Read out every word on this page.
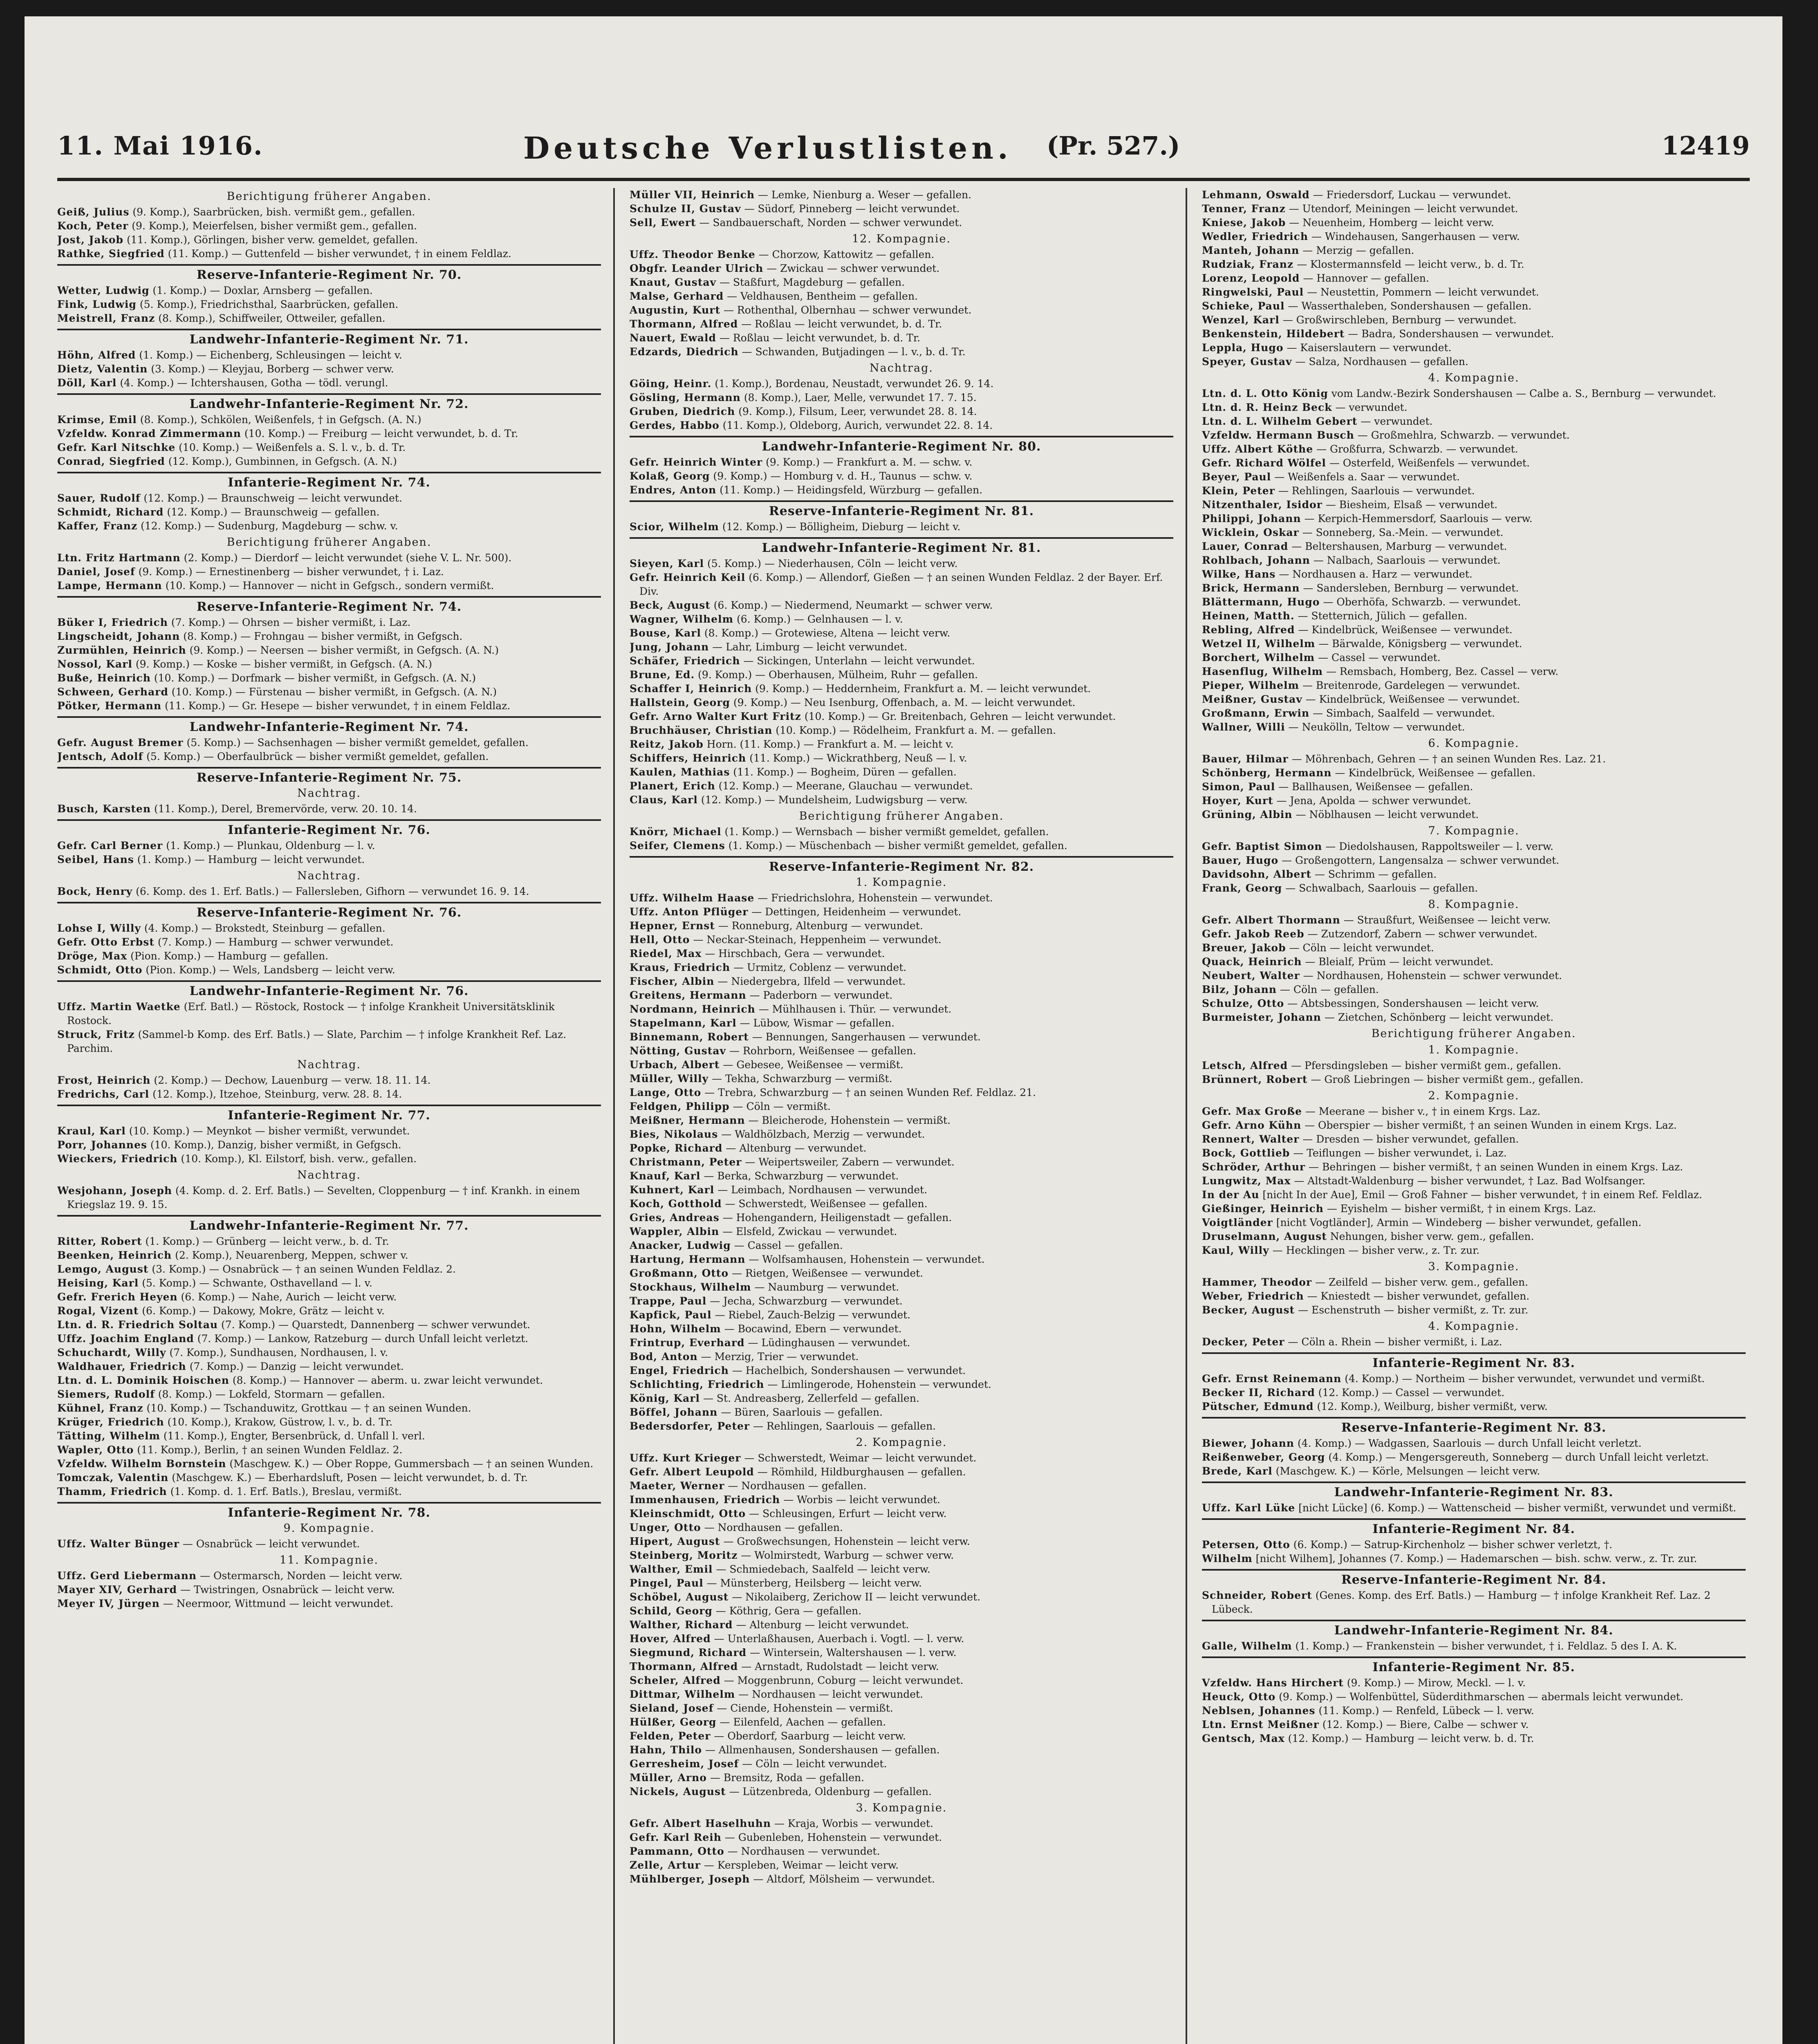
11. Mai 1916.	Deutsche Verlustlisten. (Pr. 527.)	12419
Berichtigung früherer Angaben.

Geiß, Julius (9. Komp.), Saarbrücken, bish. vermißt gem., gefallen.

Koch, Peter (9. Komp.), Meierfelsen, bisher vermißt gem., gefallen.

Jost, Jakob (11. Komp.), Görlingen, bisher verw. gemeldet, gefallen.

Rathke, Siegfried (11. Komp.) — Guttenfeld — bisher verwundet, † in einem Feldlaz.

Reserve-Infanterie-Regiment Nr. 70.

Wetter, Ludwig (1. Komp.) — Doxlar, Arnsberg — gefallen.

Fink, Ludwig (5. Komp.), Friedrichsthal, Saarbrücken, gefallen.

Meistrell, Franz (8. Komp.), Schiffweiler, Ottweiler, gefallen.

Landwehr-Infanterie-Regiment Nr. 71.

Höhn, Alfred (1. Komp.) — Eichenberg, Schleusingen — leicht v.

Dietz, Valentin (3. Komp.) — Kleyjau, Borberg — schwer verw.

Döll, Karl (4. Komp.) — Ichtershausen, Gotha — tödl. verungl.

Landwehr-Infanterie-Regiment Nr. 72.

Krimse, Emil (8. Komp.), Schkölen, Weißenfels, † in Gefgsch. (A. N.)

Vzfeldw. Konrad Zimmermann (10. Komp.) — Freiburg — leicht verwundet, b. d. Tr.

Gefr. Karl Nitschke (10. Komp.) — Weißenfels a. S. l. v., b. d. Tr.

Conrad, Siegfried (12. Komp.), Gumbinnen, in Gefgsch. (A. N.)

Infanterie-Regiment Nr. 74.

Sauer, Rudolf (12. Komp.) — Braunschweig — leicht verwundet.

Schmidt, Richard (12. Komp.) — Braunschweig — gefallen.

Kaffer, Franz (12. Komp.) — Sudenburg, Magdeburg — schw. v.

Berichtigung früherer Angaben.

Ltn. Fritz Hartmann (2. Komp.) — Dierdorf — leicht verwundet (siehe V. L. Nr. 500).

Daniel, Josef (9. Komp.) — Ernestinenberg — bisher verwundet, † i. Laz.

Lampe, Hermann (10. Komp.) — Hannover — nicht in Gefgsch., sondern vermißt.

Reserve-Infanterie-Regiment Nr. 74.

Büker I, Friedrich (7. Komp.) — Ohrsen — bisher vermißt, i. Laz.

Lingscheidt, Johann (8. Komp.) — Frohngau — bisher vermißt, in Gefgsch.

Zurmühlen, Heinrich (9. Komp.) — Neersen — bisher vermißt, in Gefgsch. (A. N.)

Nossol, Karl (9. Komp.) — Koske — bisher vermißt, in Gefgsch. (A. N.)

Buße, Heinrich (10. Komp.) — Dorfmark — bisher vermißt, in Gefgsch. (A. N.)

Schween, Gerhard (10. Komp.) — Fürstenau — bisher vermißt, in Gefgsch. (A. N.)

Pötker, Hermann (11. Komp.) — Gr. Hesepe — bisher verwundet, † in einem Feldlaz.

Landwehr-Infanterie-Regiment Nr. 74.

Gefr. August Bremer (5. Komp.) — Sachsenhagen — bisher vermißt gemeldet, gefallen.

Jentsch, Adolf (5. Komp.) — Oberfaulbrück — bisher vermißt gemeldet, gefallen.

Reserve-Infanterie-Regiment Nr. 75.
Nachtrag.

Busch, Karsten (11. Komp.), Derel, Bremervörde, verw. 20. 10. 14.

Infanterie-Regiment Nr. 76.

Gefr. Carl Berner (1. Komp.) — Plunkau, Oldenburg — l. v.

Seibel, Hans (1. Komp.) — Hamburg — leicht verwundet.

Nachtrag.

Bock, Henry (6. Komp. des 1. Erf. Batls.) — Fallersleben, Gifhorn — verwundet 16. 9. 14.

Reserve-Infanterie-Regiment Nr. 76.

Lohse I, Willy (4. Komp.) — Brokstedt, Steinburg — gefallen.

Gefr. Otto Erbst (7. Komp.) — Hamburg — schwer verwundet.

Dröge, Max (Pion. Komp.) — Hamburg — gefallen.

Schmidt, Otto (Pion. Komp.) — Wels, Landsberg — leicht verw.

Landwehr-Infanterie-Regiment Nr. 76.

Uffz. Martin Waetke (Erf. Batl.) — Röstock, Rostock — † infolge Krankheit Universitätsklinik Rostock.

Struck, Fritz (Sammel-b Komp. des Erf. Batls.) — Slate, Parchim — † infolge Krankheit Ref. Laz. Parchim.

Nachtrag.

Frost, Heinrich (2. Komp.) — Dechow, Lauenburg — verw. 18. 11. 14.

Fredrichs, Carl (12. Komp.), Itzehoe, Steinburg, verw. 28. 8. 14.

Infanterie-Regiment Nr. 77.

Kraul, Karl (10. Komp.) — Meynkot — bisher vermißt, verwundet.

Porr, Johannes (10. Komp.), Danzig, bisher vermißt, in Gefgsch.

Wieckers, Friedrich (10. Komp.), Kl. Eilstorf, bish. verw., gefallen.

Nachtrag.

Wesjohann, Joseph (4. Komp. d. 2. Erf. Batls.) — Sevelten, Cloppenburg — † inf. Krankh. in einem Kriegslaz 19. 9. 15.

Landwehr-Infanterie-Regiment Nr. 77.

Ritter, Robert (1. Komp.) — Grünberg — leicht verw., b. d. Tr.

Beenken, Heinrich (2. Komp.), Neuarenberg, Meppen, schwer v.

Lemgo, August (3. Komp.) — Osnabrück — † an seinen Wunden Feldlaz. 2.

Heising, Karl (5. Komp.) — Schwante, Osthavelland — l. v.

Gefr. Frerich Heyen (6. Komp.) — Nahe, Aurich — leicht verw.

Rogal, Vizent (6. Komp.) — Dakowy, Mokre, Grätz — leicht v.

Ltn. d. R. Friedrich Soltau (7. Komp.) — Quarstedt, Dannenberg — schwer verwundet.

Uffz. Joachim England (7. Komp.) — Lankow, Ratzeburg — durch Unfall leicht verletzt.

Schuchardt, Willy (7. Komp.), Sundhausen, Nordhausen, l. v.

Waldhauer, Friedrich (7. Komp.) — Danzig — leicht verwundet.

Ltn. d. L. Dominik Hoischen (8. Komp.) — Hannover — aberm. u. zwar leicht verwundet.

Siemers, Rudolf (8. Komp.) — Lokfeld, Stormarn — gefallen.

Kühnel, Franz (10. Komp.) — Tschanduwitz, Grottkau — † an seinen Wunden.

Krüger, Friedrich (10. Komp.), Krakow, Güstrow, l. v., b. d. Tr.

Tätting, Wilhelm (11. Komp.), Engter, Bersenbrück, d. Unfall l. verl.

Wapler, Otto (11. Komp.), Berlin, † an seinen Wunden Feldlaz. 2.

Vzfeldw. Wilhelm Bornstein (Maschgew. K.) — Ober Roppe, Gummersbach — † an seinen Wunden.

Tomczak, Valentin (Maschgew. K.) — Eberhardsluft, Posen — leicht verwundet, b. d. Tr.

Thamm, Friedrich (1. Komp. d. 1. Erf. Batls.), Breslau, vermißt.

Infanterie-Regiment Nr. 78.
9. Kompagnie.

Uffz. Walter Bünger — Osnabrück — leicht verwundet.

11. Kompagnie.

Uffz. Gerd Liebermann — Ostermarsch, Norden — leicht verw.

Mayer XIV, Gerhard — Twistringen, Osnabrück — leicht verw.

Meyer IV, Jürgen — Neermoor, Wittmund — leicht verwundet.

Müller VII, Heinrich — Lemke, Nienburg a. Weser — gefallen.

Schulze II, Gustav — Südorf, Pinneberg — leicht verwundet.

Sell, Ewert — Sandbauerschaft, Norden — schwer verwundet.

12. Kompagnie.

Uffz. Theodor Benke — Chorzow, Kattowitz — gefallen.

Obgfr. Leander Ulrich — Zwickau — schwer verwundet.

Knaut, Gustav — Staßfurt, Magdeburg — gefallen.

Malse, Gerhard — Veldhausen, Bentheim — gefallen.

Augustin, Kurt — Rothenthal, Olbernhau — schwer verwundet.

Thormann, Alfred — Roßlau — leicht verwundet, b. d. Tr.

Nauert, Ewald — Roßlau — leicht verwundet, b. d. Tr.

Edzards, Diedrich — Schwanden, Butjadingen — l. v., b. d. Tr.

Nachtrag.

Göing, Heinr. (1. Komp.), Bordenau, Neustadt, verwundet 26. 9. 14.

Gösling, Hermann (8. Komp.), Laer, Melle, verwundet 17. 7. 15.

Gruben, Diedrich (9. Komp.), Filsum, Leer, verwundet 28. 8. 14.

Gerdes, Habbo (11. Komp.), Oldeborg, Aurich, verwundet 22. 8. 14.

Landwehr-Infanterie-Regiment Nr. 80.

Gefr. Heinrich Winter (9. Komp.) — Frankfurt a. M. — schw. v.

Kolaß, Georg (9. Komp.) — Homburg v. d. H., Taunus — schw. v.

Endres, Anton (11. Komp.) — Heidingsfeld, Würzburg — gefallen.

Reserve-Infanterie-Regiment Nr. 81.

Scior, Wilhelm (12. Komp.) — Bölligheim, Dieburg — leicht v.

Landwehr-Infanterie-Regiment Nr. 81.

Sieyen, Karl (5. Komp.) — Niederhausen, Cöln — leicht verw.

Gefr. Heinrich Keil (6. Komp.) — Allendorf, Gießen — † an seinen Wunden Feldlaz. 2 der Bayer. Erf. Div.

Beck, August (6. Komp.) — Niedermend, Neumarkt — schwer verw.

Wagner, Wilhelm (6. Komp.) — Gelnhausen — l. v.

Bouse, Karl (8. Komp.) — Grotewiese, Altena — leicht verw.

Jung, Johann — Lahr, Limburg — leicht verwundet.

Schäfer, Friedrich — Sickingen, Unterlahn — leicht verwundet.

Brune, Ed. (9. Komp.) — Oberhausen, Mülheim, Ruhr — gefallen.

Schaffer I, Heinrich (9. Komp.) — Heddernheim, Frankfurt a. M. — leicht verwundet.

Hallstein, Georg (9. Komp.) — Neu Isenburg, Offenbach, a. M. — leicht verwundet.

Gefr. Arno Walter Kurt Fritz (10. Komp.) — Gr. Breitenbach, Gehren — leicht verwundet.

Bruchhäuser, Christian (10. Komp.) — Rödelheim, Frankfurt a. M. — gefallen.

Reitz, Jakob Horn. (11. Komp.) — Frankfurt a. M. — leicht v.

Schiffers, Heinrich (11. Komp.) — Wickrathberg, Neuß — l. v.

Kaulen, Mathias (11. Komp.) — Bogheim, Düren — gefallen.

Planert, Erich (12. Komp.) — Meerane, Glauchau — verwundet.

Claus, Karl (12. Komp.) — Mundelsheim, Ludwigsburg — verw.

Berichtigung früherer Angaben.

Knörr, Michael (1. Komp.) — Wernsbach — bisher vermißt gemeldet, gefallen.

Seifer, Clemens (1. Komp.) — Müschenbach — bisher vermißt gemeldet, gefallen.

Reserve-Infanterie-Regiment Nr. 82.
1. Kompagnie.

Uffz. Wilhelm Haase — Friedrichslohra, Hohenstein — verwundet.

Uffz. Anton Pflüger — Dettingen, Heidenheim — verwundet.

Hepner, Ernst — Ronneburg, Altenburg — verwundet.

Hell, Otto — Neckar-Steinach, Heppenheim — verwundet.

Riedel, Max — Hirschbach, Gera — verwundet.

Kraus, Friedrich — Urmitz, Coblenz — verwundet.

Fischer, Albin — Niedergebra, Ilfeld — verwundet.

Greitens, Hermann — Paderborn — verwundet.

Nordmann, Heinrich — Mühlhausen i. Thür. — verwundet.

Stapelmann, Karl — Lübow, Wismar — gefallen.

Binnemann, Robert — Bennungen, Sangerhausen — verwundet.

Nötting, Gustav — Rohrborn, Weißensee — gefallen.

Urbach, Albert — Gebesee, Weißensee — vermißt.

Müller, Willy — Tekha, Schwarzburg — vermißt.

Lange, Otto — Trebra, Schwarzburg — † an seinen Wunden Ref. Feldlaz. 21.

Feldgen, Philipp — Cöln — vermißt.

Meißner, Hermann — Bleicherode, Hohenstein — vermißt.

Bies, Nikolaus — Waldhölzbach, Merzig — verwundet.

Popke, Richard — Altenburg — verwundet.

Christmann, Peter — Weipertsweiler, Zabern — verwundet.

Knauf, Karl — Berka, Schwarzburg — verwundet.

Kuhnert, Karl — Leimbach, Nordhausen — verwundet.

Koch, Gotthold — Schwerstedt, Weißensee — gefallen.

Gries, Andreas — Hohengandern, Heiligenstadt — gefallen.

Wappler, Albin — Elsfeld, Zwickau — verwundet.

Anacker, Ludwig — Cassel — gefallen.

Hartung, Hermann — Wolfsamhausen, Hohenstein — verwundet.

Großmann, Otto — Rietgen, Weißensee — verwundet.

Stockhaus, Wilhelm — Naumburg — verwundet.

Trappe, Paul — Jecha, Schwarzburg — verwundet.

Kapfick, Paul — Riebel, Zauch-Belzig — verwundet.

Hohn, Wilhelm — Bocawind, Ebern — verwundet.

Frintrup, Everhard — Lüdinghausen — verwundet.

Bod, Anton — Merzig, Trier — verwundet.

Engel, Friedrich — Hachelbich, Sondershausen — verwundet.

Schlichting, Friedrich — Limlingerode, Hohenstein — verwundet.

König, Karl — St. Andreasberg, Zellerfeld — gefallen.

Böffel, Johann — Büren, Saarlouis — gefallen.

Bedersdorfer, Peter — Rehlingen, Saarlouis — gefallen.

2. Kompagnie.

Uffz. Kurt Krieger — Schwerstedt, Weimar — leicht verwundet.

Gefr. Albert Leupold — Römhild, Hildburghausen — gefallen.

Maeter, Werner — Nordhausen — gefallen.

Immenhausen, Friedrich — Worbis — leicht verwundet.

Kleinschmidt, Otto — Schleusingen, Erfurt — leicht verw.

Unger, Otto — Nordhausen — gefallen.

Hipert, August — Großwechsungen, Hohenstein — leicht verw.

Steinberg, Moritz — Wolmirstedt, Warburg — schwer verw.

Walther, Emil — Schmiedebach, Saalfeld — leicht verw.

Pingel, Paul — Münsterberg, Heilsberg — leicht verw.

Schöbel, August — Nikolaiberg, Zerichow II — leicht verwundet.

Schild, Georg — Köthrig, Gera — gefallen.

Walther, Richard — Altenburg — leicht verwundet.

Hover, Alfred — Unterlaßhausen, Auerbach i. Vogtl. — l. verw.

Siegmund, Richard — Wintersein, Waltershausen — l. verw.

Thormann, Alfred — Arnstadt, Rudolstadt — leicht verw.

Scheler, Alfred — Moggenbrunn, Coburg — leicht verwundet.

Dittmar, Wilhelm — Nordhausen — leicht verwundet.

Sieland, Josef — Ciende, Hohenstein — vermißt.

Hülßer, Georg — Eilenfeld, Aachen — gefallen.

Felden, Peter — Oberdorf, Saarburg — leicht verw.

Hahn, Thilo — Allmenhausen, Sondershausen — gefallen.

Gerresheim, Josef — Cöln — leicht verwundet.

Müller, Arno — Bremsitz, Roda — gefallen.

Nickels, August — Lützenbreda, Oldenburg — gefallen.

3. Kompagnie.

Gefr. Albert Haselhuhn — Kraja, Worbis — verwundet.

Gefr. Karl Reih — Gubenleben, Hohenstein — verwundet.

Pammann, Otto — Nordhausen — verwundet.

Zelle, Artur — Kerspleben, Weimar — leicht verw.

Mühlberger, Joseph — Altdorf, Mölsheim — verwundet.

Lehmann, Oswald — Friedersdorf, Luckau — verwundet.

Tenner, Franz — Utendorf, Meiningen — leicht verwundet.

Kniese, Jakob — Neuenheim, Homberg — leicht verw.

Wedler, Friedrich — Windehausen, Sangerhausen — verw.

Manteh, Johann — Merzig — gefallen.

Rudziak, Franz — Klostermannsfeld — leicht verw., b. d. Tr.

Lorenz, Leopold — Hannover — gefallen.

Ringwelski, Paul — Neustettin, Pommern — leicht verwundet.

Schieke, Paul — Wasserthaleben, Sondershausen — gefallen.

Wenzel, Karl — Großwirschleben, Bernburg — verwundet.

Benkenstein, Hildebert — Badra, Sondershausen — verwundet.

Leppla, Hugo — Kaiserslautern — verwundet.

Speyer, Gustav — Salza, Nordhausen — gefallen.

4. Kompagnie.

Ltn. d. L. Otto König vom Landw.-Bezirk Sondershausen — Calbe a. S., Bernburg — verwundet.

Ltn. d. R. Heinz Beck — verwundet.

Ltn. d. L. Wilhelm Gebert — verwundet.

Vzfeldw. Hermann Busch — Großmehlra, Schwarzb. — verwundet.

Uffz. Albert Köthe — Großfurra, Schwarzb. — verwundet.

Gefr. Richard Wölfel — Osterfeld, Weißenfels — verwundet.

Beyer, Paul — Weißenfels a. Saar — verwundet.

Klein, Peter — Rehlingen, Saarlouis — verwundet.

Nitzenthaler, Isidor — Biesheim, Elsaß — verwundet.

Philippi, Johann — Kerpich-Hemmersdorf, Saarlouis — verw.

Wicklein, Oskar — Sonneberg, Sa.-Mein. — verwundet.

Lauer, Conrad — Beltershausen, Marburg — verwundet.

Rohlbach, Johann — Nalbach, Saarlouis — verwundet.

Wilke, Hans — Nordhausen a. Harz — verwundet.

Brick, Hermann — Sandersleben, Bernburg — verwundet.

Blättermann, Hugo — Oberhöfa, Schwarzb. — verwundet.

Heinen, Matth. — Stetternich, Jülich — gefallen.

Rebling, Alfred — Kindelbrück, Weißensee — verwundet.

Wetzel II, Wilhelm — Bärwalde, Königsberg — verwundet.

Borchert, Wilhelm — Cassel — verwundet.

Hasenflug, Wilhelm — Remsbach, Homberg, Bez. Cassel — verw.

Pieper, Wilhelm — Breitenrode, Gardelegen — verwundet.

Meißner, Gustav — Kindelbrück, Weißensee — verwundet.

Großmann, Erwin — Simbach, Saalfeld — verwundet.

Wallner, Willi — Neukölln, Teltow — verwundet.

6. Kompagnie.

Bauer, Hilmar — Möhrenbach, Gehren — † an seinen Wunden Res. Laz. 21.

Schönberg, Hermann — Kindelbrück, Weißensee — gefallen.

Simon, Paul — Ballhausen, Weißensee — gefallen.

Hoyer, Kurt — Jena, Apolda — schwer verwundet.

Grüning, Albin — Nöblhausen — leicht verwundet.

7. Kompagnie.

Gefr. Baptist Simon — Diedolshausen, Rappoltsweiler — l. verw.

Bauer, Hugo — Großengottern, Langensalza — schwer verwundet.

Davidsohn, Albert — Schrimm — gefallen.

Frank, Georg — Schwalbach, Saarlouis — gefallen.

8. Kompagnie.

Gefr. Albert Thormann — Straußfurt, Weißensee — leicht verw.

Gefr. Jakob Reeb — Zutzendorf, Zabern — schwer verwundet.

Breuer, Jakob — Cöln — leicht verwundet.

Quack, Heinrich — Bleialf, Prüm — leicht verwundet.

Neubert, Walter — Nordhausen, Hohenstein — schwer verwundet.

Bilz, Johann — Cöln — gefallen.

Schulze, Otto — Abtsbessingen, Sondershausen — leicht verw.

Burmeister, Johann — Zietchen, Schönberg — leicht verwundet.

Berichtigung früherer Angaben.
1. Kompagnie.

Letsch, Alfred — Pfersdingsleben — bisher vermißt gem., gefallen.

Brünnert, Robert — Groß Liebringen — bisher vermißt gem., gefallen.

2. Kompagnie.

Gefr. Max Große — Meerane — bisher v., † in einem Krgs. Laz.

Gefr. Arno Kühn — Oberspier — bisher vermißt, † an seinen Wunden in einem Krgs. Laz.

Rennert, Walter — Dresden — bisher verwundet, gefallen.

Bock, Gottlieb — Teiflungen — bisher verwundet, i. Laz.

Schröder, Arthur — Behringen — bisher vermißt, † an seinen Wunden in einem Krgs. Laz.

Lungwitz, Max — Altstadt-Waldenburg — bisher verwundet, † Laz. Bad Wolfsanger.

In der Au [nicht In der Aue], Emil — Groß Fahner — bisher verwundet, † in einem Ref. Feldlaz.

Gießinger, Heinrich — Eyishelm — bisher vermißt, † in einem Krgs. Laz.

Voigtländer [nicht Vogtländer], Armin — Windeberg — bisher verwundet, gefallen.

Druselmann, August Nehungen, bisher verw. gem., gefallen.

Kaul, Willy — Hecklingen — bisher verw., z. Tr. zur.

3. Kompagnie.

Hammer, Theodor — Zeilfeld — bisher verw. gem., gefallen.

Weber, Friedrich — Kniestedt — bisher verwundet, gefallen.

Becker, August — Eschenstruth — bisher vermißt, z. Tr. zur.

4. Kompagnie.

Decker, Peter — Cöln a. Rhein — bisher vermißt, i. Laz.

Infanterie-Regiment Nr. 83.

Gefr. Ernst Reinemann (4. Komp.) — Northeim — bisher verwundet, verwundet und vermißt.

Becker II, Richard (12. Komp.) — Cassel — verwundet.

Pütscher, Edmund (12. Komp.), Weilburg, bisher vermißt, verw.

Reserve-Infanterie-Regiment Nr. 83.

Biewer, Johann (4. Komp.) — Wadgassen, Saarlouis — durch Unfall leicht verletzt.

Reißenweber, Georg (4. Komp.) — Mengersgereuth, Sonneberg — durch Unfall leicht verletzt.

Brede, Karl (Maschgew. K.) — Körle, Melsungen — leicht verw.

Landwehr-Infanterie-Regiment Nr. 83.

Uffz. Karl Lüke [nicht Lücke] (6. Komp.) — Wattenscheid — bisher vermißt, verwundet und vermißt.

Infanterie-Regiment Nr. 84.

Petersen, Otto (6. Komp.) — Satrup-Kirchenholz — bisher schwer verletzt, †.

Wilhelm [nicht Wilhem], Johannes (7. Komp.) — Hademarschen — bish. schw. verw., z. Tr. zur.

Reserve-Infanterie-Regiment Nr. 84.

Schneider, Robert (Genes. Komp. des Erf. Batls.) — Hamburg — † infolge Krankheit Ref. Laz. 2 Lübeck.

Landwehr-Infanterie-Regiment Nr. 84.

Galle, Wilhelm (1. Komp.) — Frankenstein — bisher verwundet, † i. Feldlaz. 5 des I. A. K.

Infanterie-Regiment Nr. 85.

Vzfeldw. Hans Hirchert (9. Komp.) — Mirow, Meckl. — l. v.

Heuck, Otto (9. Komp.) — Wolfenbüttel, Süderdithmarschen — abermals leicht verwundet.

Neblsen, Johannes (11. Komp.) — Renfeld, Lübeck — l. verw.

Ltn. Ernst Meißner (12. Komp.) — Biere, Calbe — schwer v.

Gentsch, Max (12. Komp.) — Hamburg — leicht verw. b. d. Tr.
